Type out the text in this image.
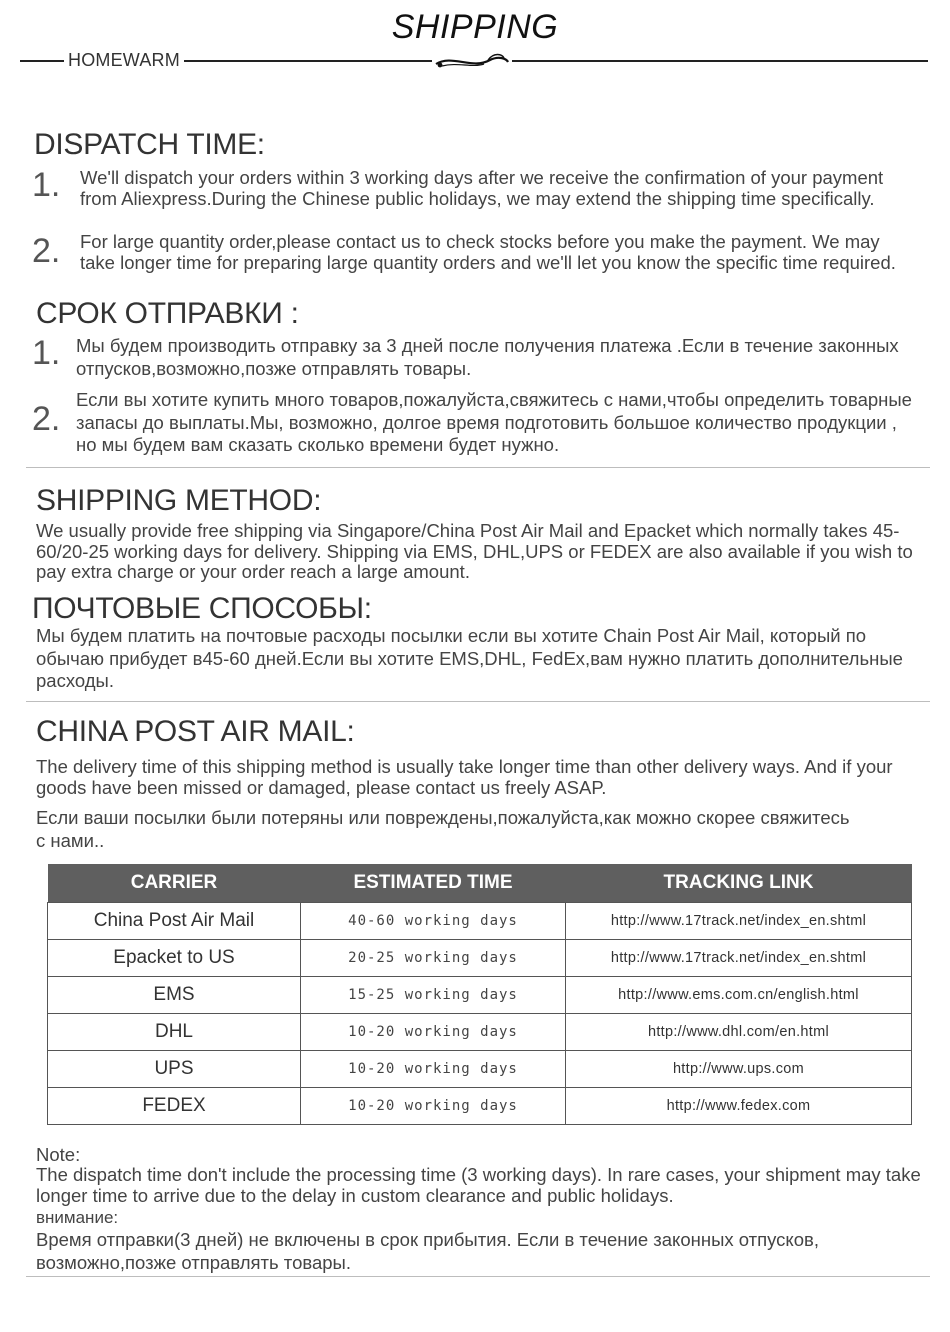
SHIPPING
HOMEWARM
DISPATCH TIME:
1. We'll dispatch your orders within 3 working days after we receive the confirmation of your payment from Aliexpress.During the Chinese public holidays, we may extend the shipping time specifically.
2. For large quantity order,please contact us to check stocks before you make the payment. We may take longer time for preparing large quantity orders and we'll let you know the specific time required.
СРОК ОТПРАВКИ :
1. Мы будем производить отправку за 3 дней после получения платежа .Если в течение законных отпусков,возможно,позже отправлять товары.
2.
Если вы хотите купить много товаров,пожалуйста,свяжитесь с нами,чтобы определить товарные запасы до выплаты.Мы, возможно, долгое время подготовить большое количество продукции , но мы будем вам сказать сколько времени будет нужно.
SHIPPING METHOD:
We usually provide free shipping via Singapore/China Post Air Mail and Epacket which normally takes 45-60/20-25 working days for delivery. Shipping via EMS, DHL,UPS or FEDEX are also available if you wish to pay extra charge or your order reach a large amount.
ПОЧТОВЫЕ СПОСОБЫ:
Мы будем платить на почтовые расходы посылки если вы хотите Chain Post Air Mail, который по обычаю прибудет в45-60 дней.Если вы хотите EMS,DHL, FedEx,вам нужно платить дополнительные расходы.
CHINA POST AIR MAIL:
The delivery time of this shipping method is usually take longer time than other delivery ways. And if your goods have been missed or damaged, please contact us freely ASAP.
Если ваши посылки были потеряны или повреждены,пожалуйста,как можно скорее свяжитесь с нами..
CARRIER	ESTIMATED TIME	TRACKING LINK
China Post Air Mail	40-60 working days	http://www.17track.net/index_en.shtml
Epacket to US	20-25 working days	http://www.17track.net/index_en.shtml
EMS	15-25 working days	http://www.ems.com.cn/english.html
DHL	10-20 working days	http://www.dhl.com/en.html
UPS	10-20 working days	http://www.ups.com
FEDEX	10-20 working days	http://www.fedex.com
Note:
The dispatch time don't include the processing time (3 working days). In rare cases, your shipment may take longer time to arrive due to the delay in custom clearance and public holidays.
внимание:
Время отправки(3 дней) не включены в срок прибытия. Если в течение законных отпусков, возможно,позже отправлять товары.
